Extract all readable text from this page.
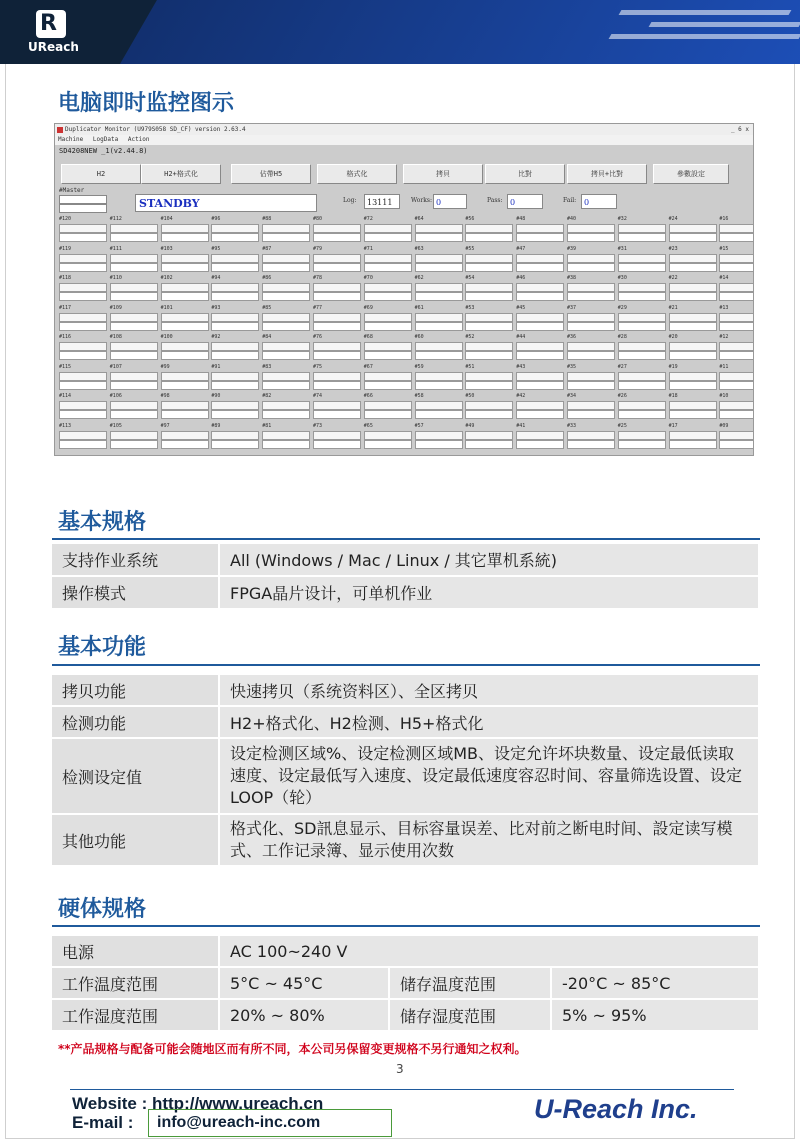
R
UReach
电脑即时监控图示
Duplicator Monitor (U979S058 SD_CF) version 2.63.4	_ 6 x
Machine LogData Action
SD4208NEW _1(v2.44.8)
H2	H2+格式化	佔帶H5	格式化	拷貝	比對	拷貝+比對	參數設定
#Master
STANDBY	Log:	13111	Works: 0	Pass: 0	Fail: 0
#120	#112	#104	#96	#88	#80	#72	#64	#56	#48	#40	#32	#24	#16
#119	#111	#103	#95	#87	#79	#71	#63	#55	#47	#39	#31	#23	#15
#118	#110	#102	#94	#86	#78	#70	#62	#54	#46	#38	#30	#22	#14
#117	#109	#101	#93	#85	#77	#69	#61	#53	#45	#37	#29	#21	#13
#116	#108	#100	#92	#84	#76	#68	#60	#52	#44	#36	#28	#20	#12
#115	#107	#99	#91	#83	#75	#67	#59	#51	#43	#35	#27	#19	#11
#114	#106	#98	#90	#82	#74	#66	#58	#50	#42	#34	#26	#18	#10
#113	#105	#97	#89	#81	#73	#65	#57	#49	#41	#33	#25	#17	#09
基本规格
支持作业系统	All (Windows / Mac / Linux / 其它單机系統)
操作模式	FPGA晶片设计，可单机作业
基本功能
拷贝功能	快速拷贝（系统资料区）、全区拷贝
检测功能	H2+格式化、H2检测、H5+格式化
检测设定值	设定检测区域%、设定检测区域MB、设定允许坏块数量、设定最低读取速度、设定最低写入速度、设定最低速度容忍时间、容量筛选设置、设定LOOP（轮）
其他功能	格式化、SD訊息显示、目标容量误差、比对前之断电时间、設定读写模式、工作记录簿、显示使用次数
硬体规格
电源	AC 100~240 V		
工作温度范围	5°C ~ 45°C	储存温度范围	-20°C ~ 85°C
工作湿度范围	20% ~ 80%	储存湿度范围	5% ~ 95%
**产品规格与配备可能会随地区而有所不同，本公司另保留变更规格不另行通知之权利。
3
Website : http://www.ureach.cn
E-mail :	info@ureach-inc.com	U-Reach Inc.
